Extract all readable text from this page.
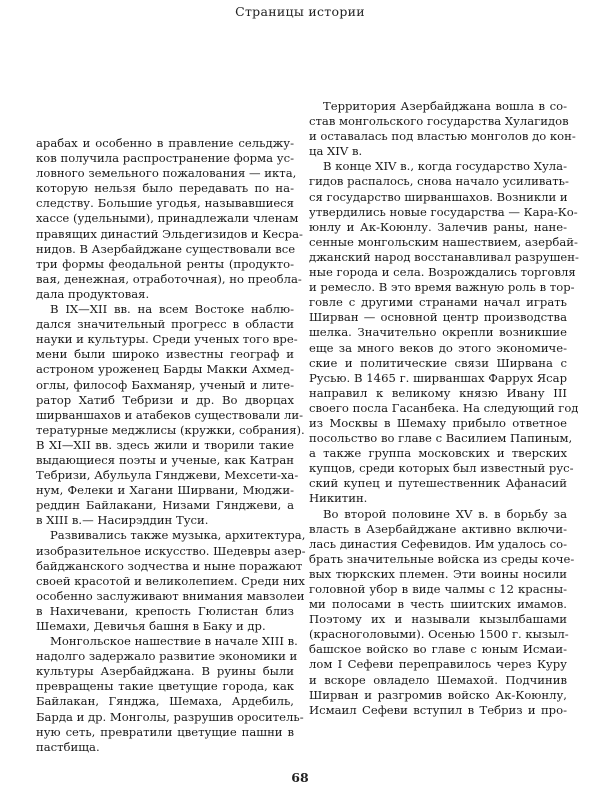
Страницы истории
арабах и особенно в правление сельджу-
ков получила распространение форма ус-
ловного земельного пожалования — икта,
которую нельзя было передавать по на-
следству. Большие угодья, называвшиеся
хассе (удельными), принадлежали членам
правящих династий Эльдегизидов и Кесра-
нидов. В Азербайджане существовали все
три формы феодальной ренты (продукто-
вая, денежная, отработочная), но преобла-
дала продуктовая.
В IX—XII вв. на всем Востоке наблю-
дался значительный прогресс в области
науки и культуры. Среди ученых того вре-
мени были широко известны географ и
астроном уроженец Барды Макки Ахмед-
оглы, философ Бахманяр, ученый и лите-
ратор Хатиб Тебризи и др. Во дворцах
ширваншахов и атабеков существовали ли-
тературные меджлисы (кружки, собрания).
В XI—XII вв. здесь жили и творили такие
выдающиеся поэты и ученые, как Катран
Тебризи, Абульула Гянджеви, Мехсети-ха-
нум, Фелеки и Хагани Ширвани, Мюджи-
реддин Байлакани, Низами Гянджеви, а
в XIII в.— Насирэддин Туси.
Развивались также музыка, архитектура,
изобразительное искусство. Шедевры азер-
байджанского зодчества и ныне поражают
своей красотой и великолепием. Среди них
особенно заслуживают внимания мавзолеи
в Нахичевани, крепость Гюлистан близ
Шемахи, Девичья башня в Баку и др.
Монгольское нашествие в начале XIII в.
надолго задержало развитие экономики и
культуры Азербайджана. В руины были
превращены такие цветущие города, как
Байлакан, Гянджа, Шемаха, Ардебиль,
Барда и др. Монголы, разрушив ороситель-
ную сеть, превратили цветущие пашни в
пастбища.
Территория Азербайджана вошла в со-
став монгольского государства Хулагидов
и оставалась под властью монголов до кон-
ца XIV в.
В конце XIV в., когда государство Хула-
гидов распалось, снова начало усиливать-
ся государство ширваншахов. Возникли и
утвердились новые государства — Кара-Ко-
юнлу и Ак-Коюнлу. Залечив раны, нане-
сенные монгольским нашествием, азербай-
джанский народ восстанавливал разрушен-
ные города и села. Возрождались торговля
и ремесло. В это время важную роль в тор-
говле с другими странами начал играть
Ширван — основной центр производства
шелка. Значительно окрепли возникшие
еще за много веков до этого экономиче-
ские и политические связи Ширвана с
Русью. В 1465 г. ширваншах Фаррух Ясар
направил к великому князю Ивану III
своего посла Гасанбека. На следующий год
из Москвы в Шемаху прибыло ответное
посольство во главе с Василием Папиным,
а также группа московских и тверских
купцов, среди которых был известный рус-
ский купец и путешественник Афанасий
Никитин.
Во второй половине XV в. в борьбу за
власть в Азербайджане активно включи-
лась династия Сефевидов. Им удалось со-
брать значительные войска из среды коче-
вых тюркских племен. Эти воины носили
головной убор в виде чалмы с 12 красны-
ми полосами в честь шиитских имамов.
Поэтому их и называли кызылбашами
(красноголовыми). Осенью 1500 г. кызыл-
башское войско во главе с юным Исмаи-
лом I Сефеви переправилось через Куру
и вскоре овладело Шемахой. Подчинив
Ширван и разгромив войско Ак-Коюнлу,
Исмаил Сефеви вступил в Тебриз и про-
68
